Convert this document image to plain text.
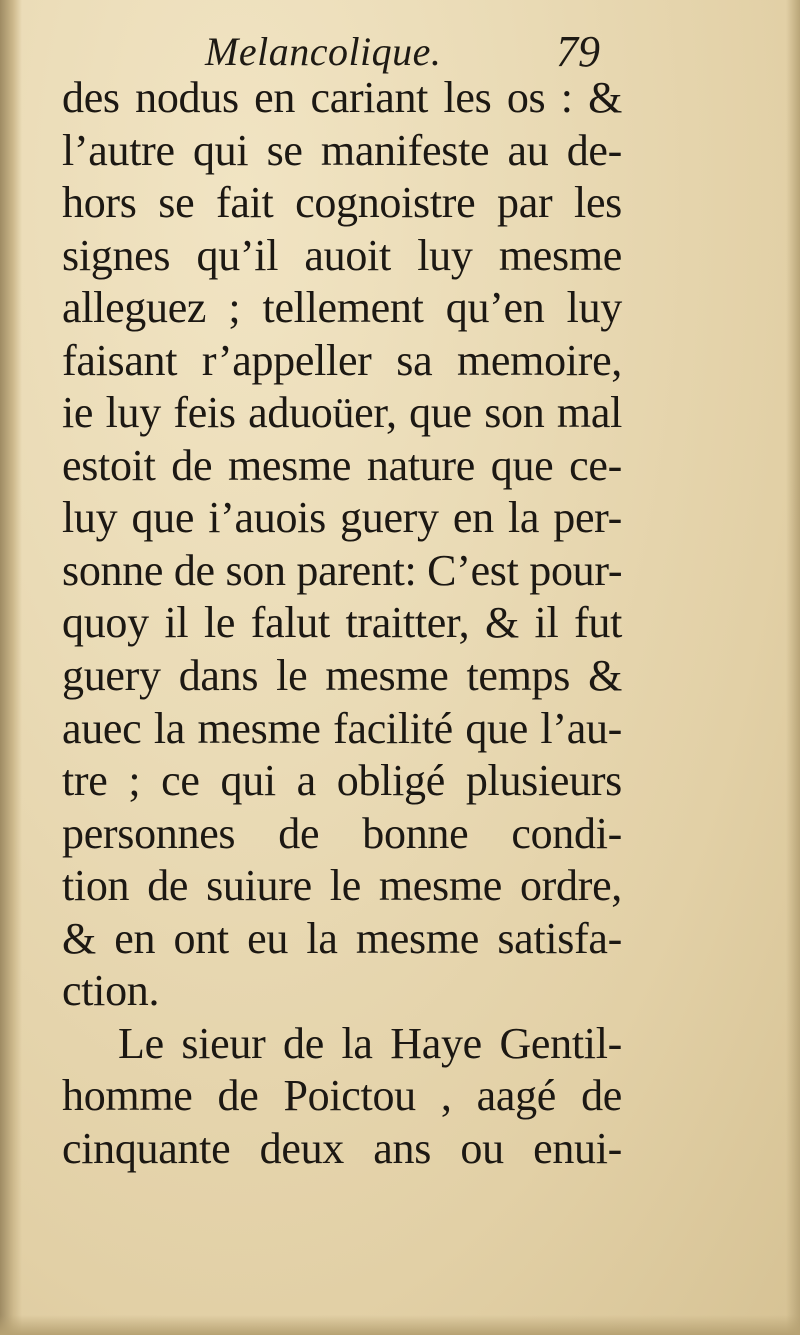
Melancolique.	79
des nodus en cariant les os : &
l’autre qui se manifeste au de-
hors se fait cognoistre par les
signes qu’il auoit luy mesme
alleguez ; tellement qu’en luy
faisant r’appeller sa memoire,
ie luy feis aduoüer, que son mal
estoit de mesme nature que ce-
luy que i’auois guery en la per-
sonne de son parent: C’est pour-
quoy il le falut traitter, & il fut
guery dans le mesme temps &
auec la mesme facilité que l’au-
tre ; ce qui a obligé plusieurs
personnes de bonne condi-
tion de suiure le mesme ordre,
& en ont eu la mesme satisfa-
ction.
Le sieur de la Haye Gentil-
homme de Poictou , aagé de
cinquante deux ans ou enui-
